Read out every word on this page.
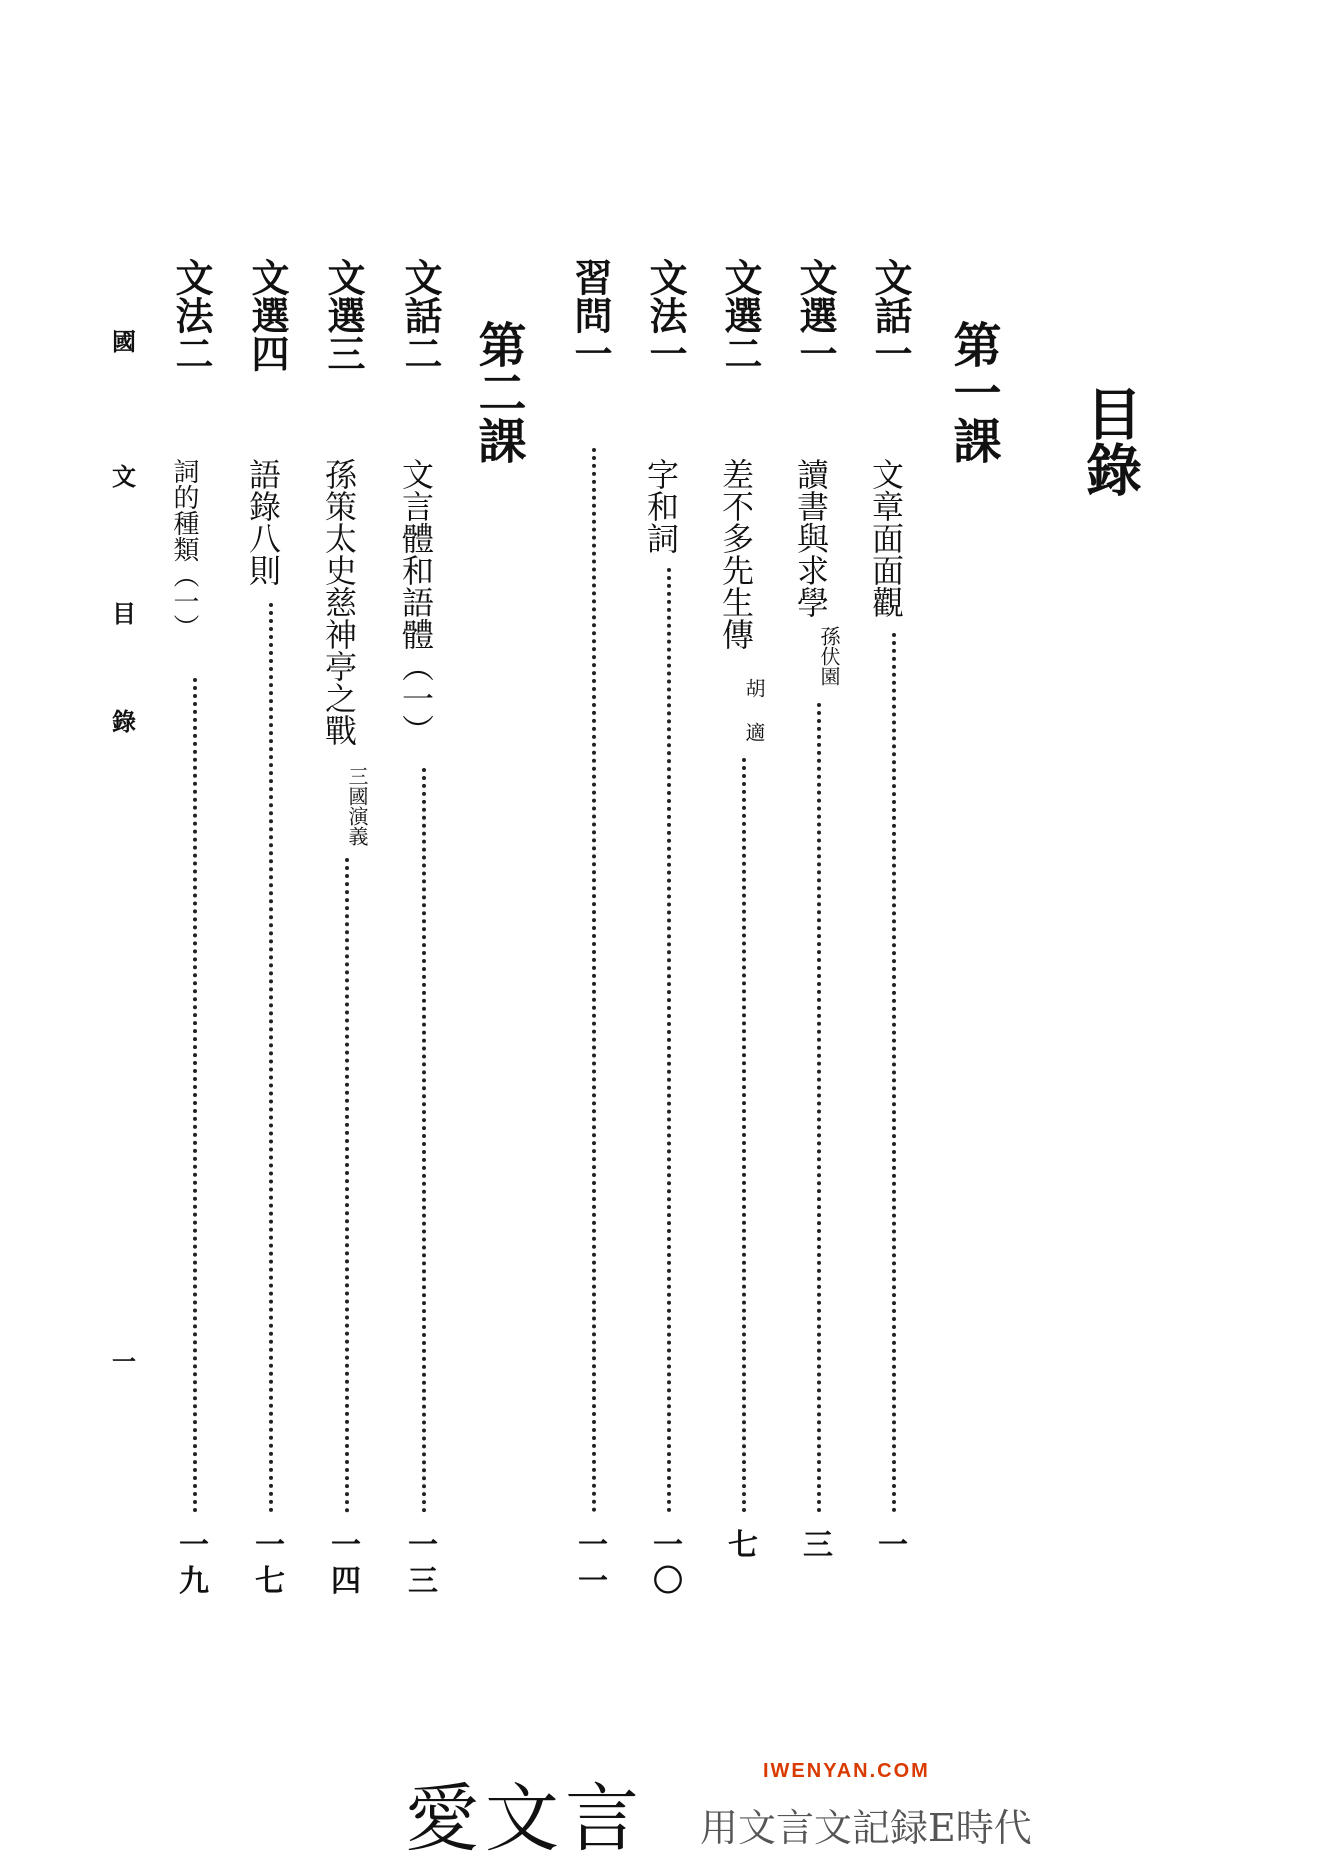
目錄
第一課
文話一
文章面面觀
一
文選一
讀書與求學
孫伏園
三
文選二
差不多先生傳
胡 適
七
文法一
字和詞
一〇
習問一
一一
第二課
文話二
文言體和語體（一）
一三
文選三
孫策太史慈神亭之戰
三國演義
一四
文選四
語錄八則
一七
文法二
詞的種類（一）
一九
國
文
目
錄
一
愛文言
IWENYAN.COM
用文言文記録E時代
